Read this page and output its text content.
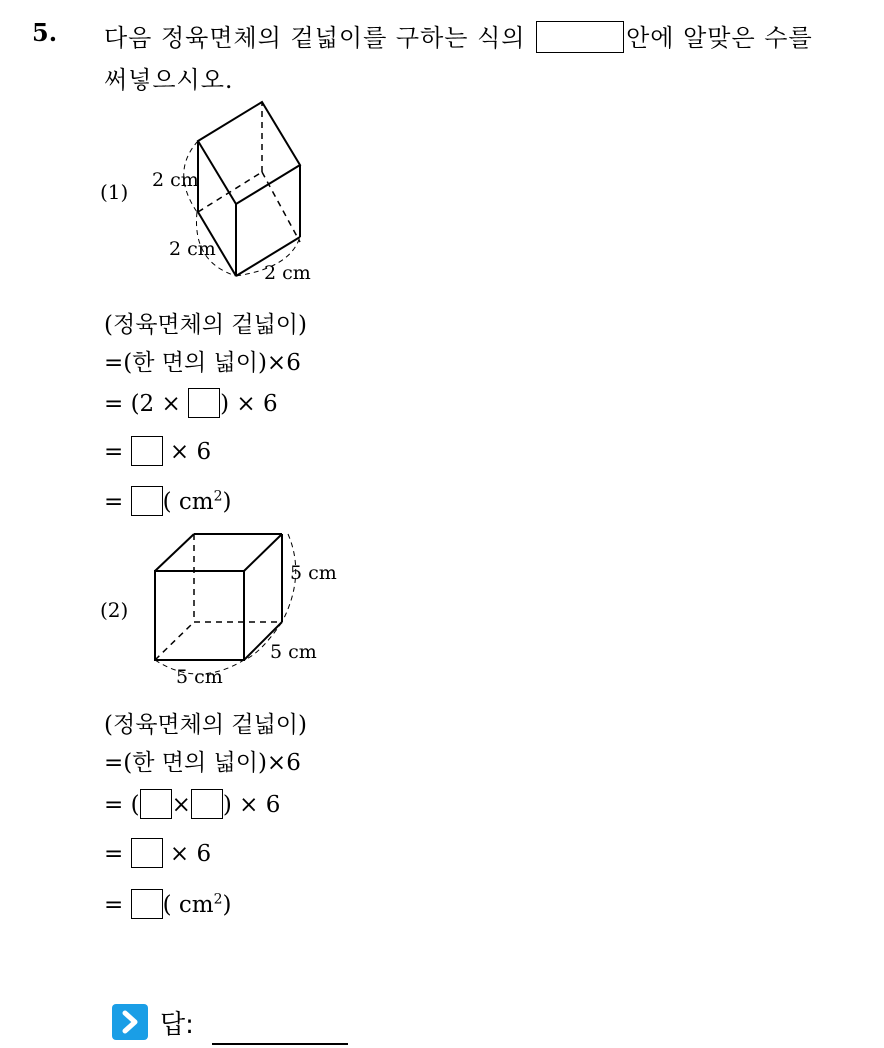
5. 다음 정육면체의 겉넓이를 구하는 식의	안에 알맞은 수를
써넣으시오.
(1) 2 cm
2 cm
2 cm
(정육면체의 겉넓이)
=(한 면의 넓이)×6
= (2 × ) × 6
= × 6
= ( $cm^2$)
(2)
5 cm
5 cm
5 cm
(정육면체의 겉넓이)
=(한 면의 넓이)×6
= ( × ) × 6
= × 6
= ( $cm^2$)
답:
